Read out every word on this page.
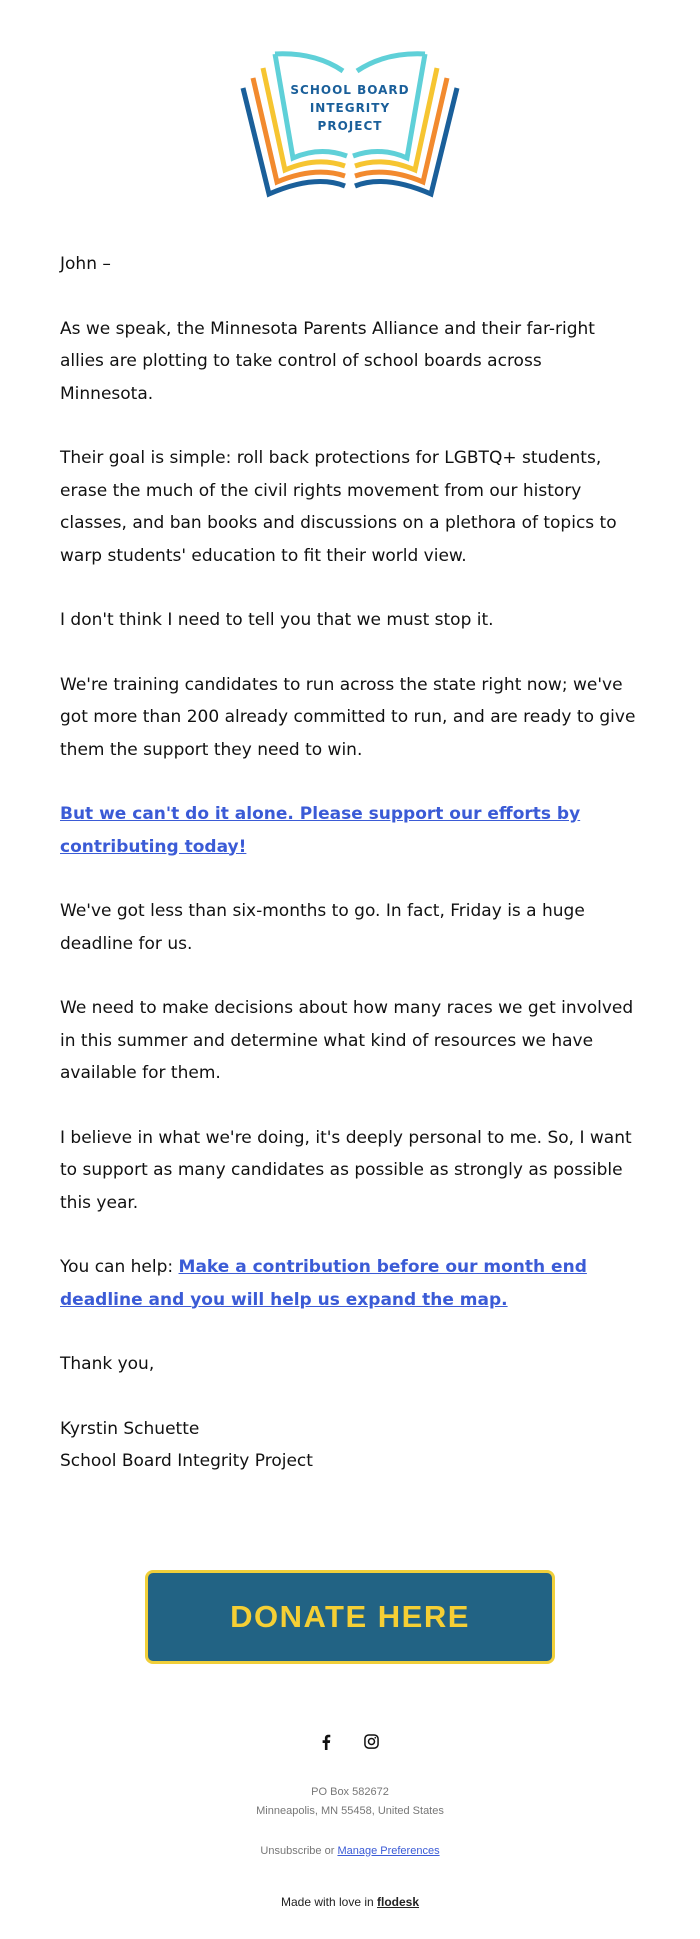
SCHOOL BOARD
INTEGRITY
PROJECT

John –

As we speak, the Minnesota Parents Alliance and their far-right allies are plotting to take control of school boards across Minnesota.

Their goal is simple: roll back protections for LGBTQ+ students, erase the much of the civil rights movement from our history classes, and ban books and discussions on a plethora of topics to warp students' education to fit their world view.

I don't think I need to tell you that we must stop it.

We're training candidates to run across the state right now; we've got more than 200 already committed to run, and are ready to give them the support they need to win.

But we can't do it alone. Please support our efforts by contributing today!

We've got less than six-months to go. In fact, Friday is a huge deadline for us.

We need to make decisions about how many races we get involved in this summer and determine what kind of resources we have available for them.

I believe in what we're doing, it's deeply personal to me. So, I want to support as many candidates as possible as strongly as possible this year.

You can help: Make a contribution before our month end deadline and you will help us expand the map.

Thank you,

Kyrstin Schuette
School Board Integrity Project

DONATE HERE

PO Box 582672
Minneapolis, MN 55458, United States
Unsubscribe or Manage Preferences
Made with love in flodesk
